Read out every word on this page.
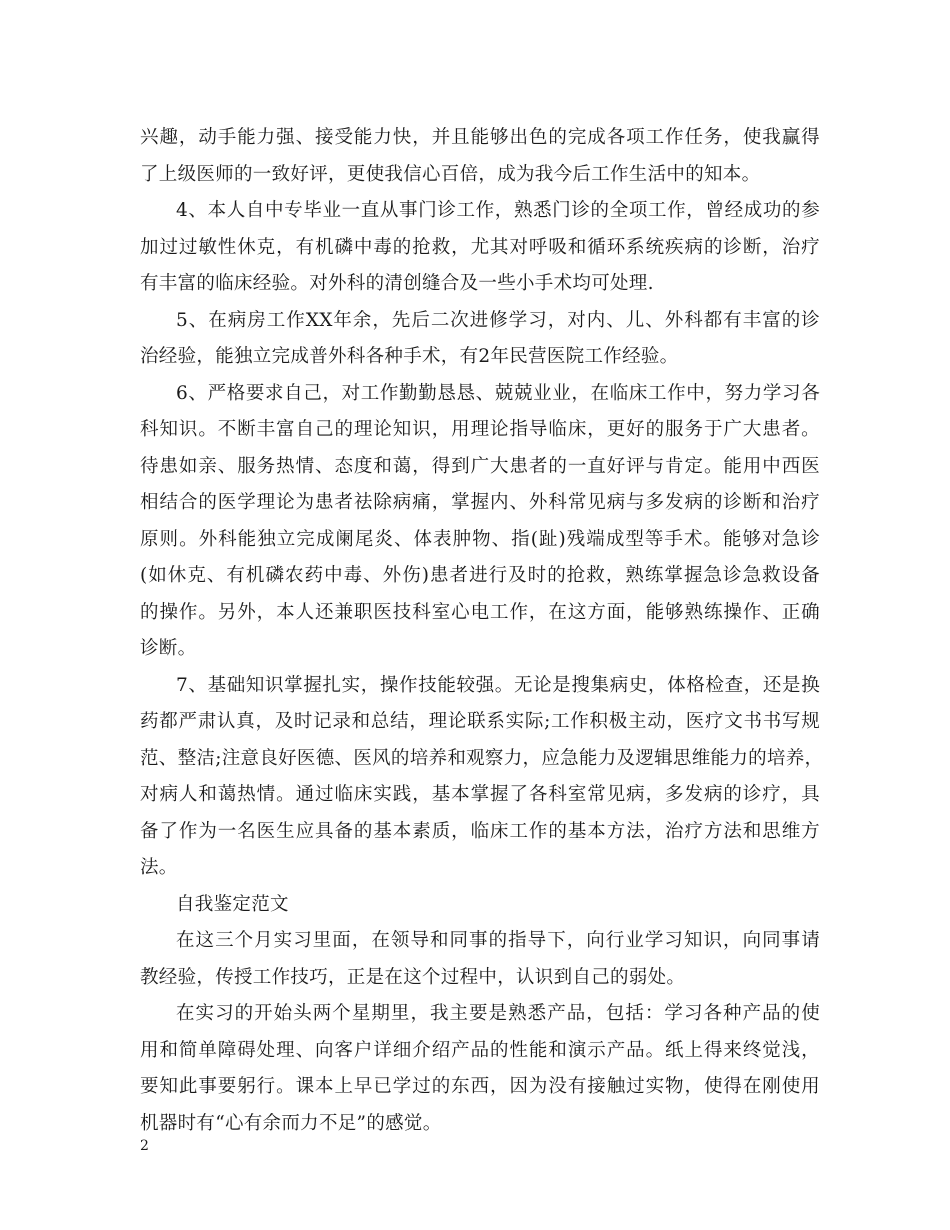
兴趣，动手能力强、接受能力快，并且能够出色的完成各项工作任务，使我赢得
了上级医师的一致好评，更使我信心百倍，成为我今后工作生活中的知本。
4、本人自中专毕业一直从事门诊工作，熟悉门诊的全项工作，曾经成功的参
加过过敏性休克，有机磷中毒的抢救，尤其对呼吸和循环系统疾病的诊断，治疗
有丰富的临床经验。对外科的清创缝合及一些小手术均可处理.
5、在病房工作XX年余，先后二次进修学习，对内、儿、外科都有丰富的诊
治经验，能独立完成普外科各种手术，有2年民营医院工作经验。
6、严格要求自己，对工作勤勤恳恳、兢兢业业，在临床工作中，努力学习各
科知识。不断丰富自己的理论知识，用理论指导临床，更好的服务于广大患者。
待患如亲、服务热情、态度和蔼，得到广大患者的一直好评与肯定。能用中西医
相结合的医学理论为患者祛除病痛，掌握内、外科常见病与多发病的诊断和治疗
原则。外科能独立完成阑尾炎、体表肿物、指(趾)残端成型等手术。能够对急诊
(如休克、有机磷农药中毒、外伤)患者进行及时的抢救，熟练掌握急诊急救设备
的操作。另外，本人还兼职医技科室心电工作，在这方面，能够熟练操作、正确
诊断。
7、基础知识掌握扎实，操作技能较强。无论是搜集病史，体格检查，还是换
药都严肃认真，及时记录和总结，理论联系实际;工作积极主动，医疗文书书写规
范、整洁;注意良好医德、医风的培养和观察力，应急能力及逻辑思维能力的培养，
对病人和蔼热情。通过临床实践，基本掌握了各科室常见病，多发病的诊疗，具
备了作为一名医生应具备的基本素质，临床工作的基本方法，治疗方法和思维方
法。
自我鉴定范文
在这三个月实习里面，在领导和同事的指导下，向行业学习知识，向同事请
教经验，传授工作技巧，正是在这个过程中，认识到自己的弱处。
在实习的开始头两个星期里，我主要是熟悉产品，包括：学习各种产品的使
用和简单障碍处理、向客户详细介绍产品的性能和演示产品。纸上得来终觉浅，
要知此事要躬行。课本上早已学过的东西，因为没有接触过实物，使得在刚使用
机器时有“心有余而力不足”的感觉。
2
